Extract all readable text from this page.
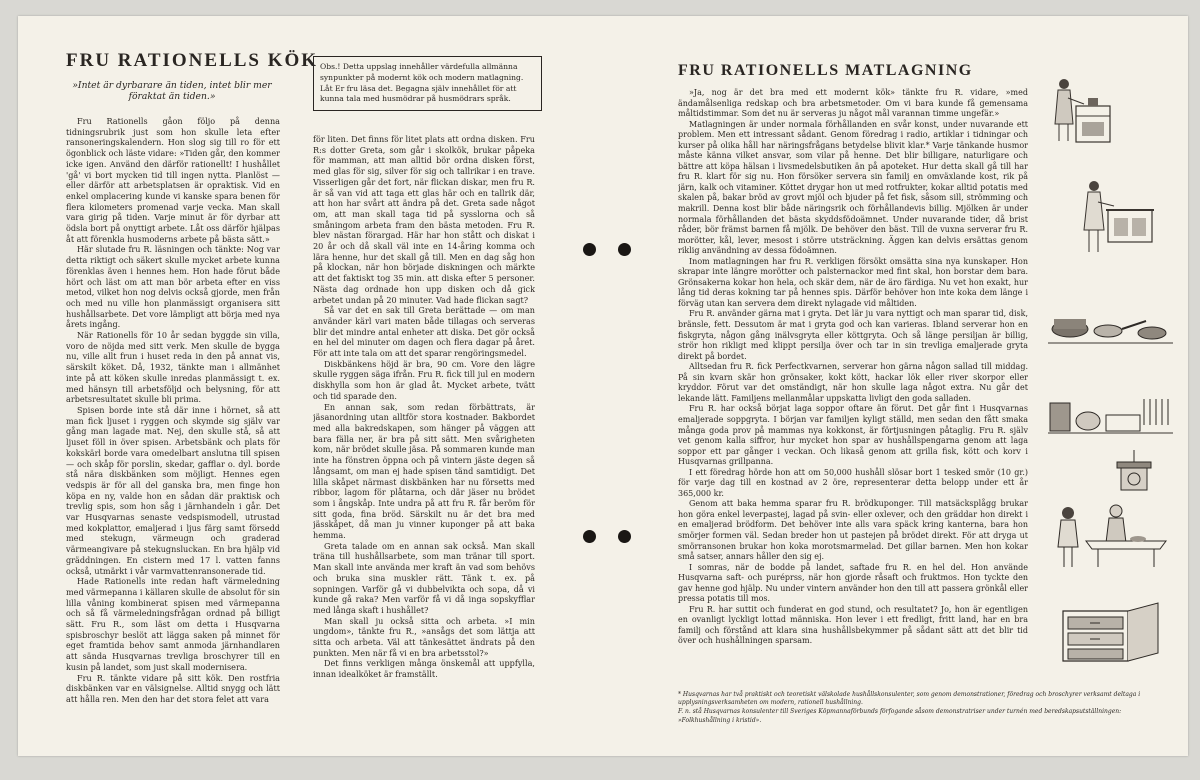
FRU RATIONELLS KÖK

»Intet är dyrbarare än tiden, intet blir mer föraktat än tiden.»

Fru Rationells gåon följo på denna tidningsrubrik just som hon skulle leta efter ransoneringskalendern. Hon slog sig till ro för ett ögonblick och läste vidare: »Tiden går, den kommer icke igen. Använd den därför rationellt! I hushållet 'gå' vi bort mycken tid till ingen nytta. Planlöst — eller därför att arbetsplatsen är opraktisk. Vid en enkel omplacering kunde vi kanske spara benen för flera kilometers promenad varje vecka. Man skall vara girig på tiden. Varje minut är för dyrbar att ödsla bort på onyttigt arbete. Låt oss därför hjälpas åt att förenkla husmoderns arbete på bästa sätt.»

Här slutade fru R. läsningen och tänkte: Nog var detta riktigt och säkert skulle mycket arbete kunna förenklas även i hennes hem. Hon hade förut både hört och läst om att man bör arbeta efter en viss metod, vilket hon nog delvis också gjorde, men från och med nu ville hon planmässigt organisera sitt hushållsarbete. Det vore lämpligt att börja med nya årets ingång.

När Rationells för 10 år sedan byggde sin villa, voro de nöjda med sitt verk. Men skulle de bygga nu, ville allt frun i huset reda in den på annat vis, särskilt köket. Då, 1932, tänkte man i allmänhet inte på att köken skulle inredas planmässigt t. ex. med hänsyn till arbetsföljd och belysning, för att arbetsresultatet skulle bli prima.

Spisen borde inte stå där inne i hörnet, så att man fick ljuset i ryggen och skymde sig själv var gång man lagade mat. Nej, den skulle stå, så att ljuset föll in över spisen. Arbetsbänk och plats för kokskärl borde vara omedelbart anslutna till spisen — och skåp för porslin, skedar, gafflar o. dyl. borde stå nära diskbänken som möjligt. Hennes egen vedspis är för all del ganska bra, men finge hon köpa en ny, valde hon en sådan där praktisk och trevlig spis, som hon såg i järnhandeln i går. Det var Husqvarnas senaste vedspismodell, utrustad med kokplattor, emaljerad i ljus färg samt försedd med stekugn, värmeugn och graderad värmeangivare på stekugnsluckan. En bra hjälp vid gräddningen. En cistern med 17 l. vatten fanns också, utmärkt i vår varmvattenransonerade tid.

Hade Rationells inte redan haft värmeledning med värmepanna i källaren skulle de absolut för sin lilla våning kombinerat spisen med värmepanna och så få värmeledningsfrågan ordnad på billigt sätt. Fru R., som läst om detta i Husqvarna spisbroschyr beslöt att lägga saken på minnet för eget framtida behov samt anmoda järnhandlaren att sända Husqvarnas trevliga broschyrer till en kusin på landet, som just skall modernisera.

Fru R. tänkte vidare på sitt kök. Den rostfria diskbänken var en välsignelse. Alltid snygg och lätt att hålla ren. Men den har det stora felet att vara

Obs.! Detta uppslag innehåller värdefulla allmänna synpunkter på modernt kök och modern matlagning. Låt Er fru läsa det. Begagna själv innehållet för att kunna tala med husmödrar på husmödrars språk.

för liten. Det finns för litet plats att ordna disken. Fru R:s dotter Greta, som går i skolkök, brukar påpeka för mamman, att man alltid bör ordna disken först, med glas för sig, silver för sig och tallrikar i en trave. Visserligen går det fort, när flickan diskar, men fru R. är så van vid att taga ett glas här och en tallrik där, att hon har svårt att ändra på det. Greta sade något om, att man skall taga tid på sysslorna och så småningom arbeta fram den bästa metoden. Fru R. blev nästan förargad. Här har hon stått och diskat i 20 år och då skall väl inte en 14-åring komma och lära henne, hur det skall gå till. Men en dag såg hon på klockan, när hon började diskningen och märkte att det faktiskt tog 35 min. att diska efter 5 personer. Nästa dag ordnade hon upp disken och då gick arbetet undan på 20 minuter. Vad hade flickan sagt?

Så var det en sak till Greta berättade — om man använder kärl vari maten både tillagas och serveras blir det mindre antal enheter att diska. Det gör också en hel del minuter om dagen och flera dagar på året. För att inte tala om att det sparar rengöringsmedel.

Diskbänkens höjd är bra, 90 cm. Vore den lägre skulle ryggen säga ifrån. Fru R. fick till jul en modern diskhylla som hon är glad åt. Mycket arbete, tvätt och tid sparade den.

En annan sak, som redan förbättrats, är jäsanordning utan alltför stora kostnader. Bakbordet med alla bakredskapen, som hänger på väggen att bara fälla ner, är bra på sitt sätt. Men svårigheten kom, när brödet skulle jäsa. På sommaren kunde man inte ha fönstren öppna och på vintern jäste degen så långsamt, om man ej hade spisen tänd samtidigt. Det lilla skåpet närmast diskbänken har nu försetts med ribbor, lagom för plåtarna, och där jäser nu brödet som i ångskåp. Inte undra på att fru R. får beröm för sitt goda, fina bröd. Särskilt nu är det bra med jässkåpet, då man ju vinner kuponger på att baka hemma.

Greta talade om en annan sak också. Man skall träna till hushållsarbete, som man tränar till sport. Man skall inte använda mer kraft än vad som behövs och bruka sina muskler rätt. Tänk t. ex. på sopningen. Varför gå vi dubbelvikta och sopa, då vi kunde gå raka? Men varför få vi då inga sopskyfflar med långa skaft i hushållet?

Man skall ju också sitta och arbeta. »I min ungdom», tänkte fru R., »ansågs det som lättja att sitta och arbeta. Väl att tänkesättet ändrats på den punkten. Men när få vi en bra arbetsstol?»

Det finns verkligen många önskemål att uppfylla, innan idealköket är framställt.

FRU RATIONELLS MATLAGNING

»Ja, nog är det bra med ett modernt kök» tänkte fru R. vidare, »med ändamålsenliga redskap och bra arbetsmetoder. Om vi bara kunde få gemensama måltidstimmar. Som det nu är serveras ju något mål varannan timme ungefär.»

Matlagningen är under normala förhållanden en svår konst, under nuvarande ett problem. Men ett intressant sådant. Genom föredrag i radio, artiklar i tidningar och kurser på olika håll har näringsfrågans betydelse blivit klar.* Varje tänkande husmor måste känna vilket ansvar, som vilar på henne. Det blir billigare, naturligare och bättre att köpa hälsan i livsmedelsbutiken än på apoteket. Hur detta skall gå till har fru R. klart för sig nu. Hon försöker servera sin familj en omväxlande kost, rik på järn, kalk och vitaminer. Köttet drygar hon ut med rotfrukter, kokar alltid potatis med skalen på, bakar bröd av grovt mjöl och bjuder på fet fisk, såsom sill, strömming och makrill. Denna kost blir både näringsrik och förhållandevis billig. Mjölken är under normala förhållanden det bästa skyddsfödoämnet. Under nuvarande tider, då brist råder, bör främst barnen få mjölk. De behöver den bäst. Till de vuxna serverar fru R. morötter, kål, lever, mesost i större utsträckning. Äggen kan delvis ersättas genom riklig användning av dessa födoämnen.

Inom matlagningen har fru R. verkligen försökt omsätta sina nya kunskaper. Hon skrapar inte längre morötter och palsternackor med fint skal, hon borstar dem bara. Grönsakerna kokar hon hela, och skär dem, när de äro färdiga. Nu vet hon exakt, hur lång tid deras kokning tar på hennes spis. Därför behöver hon inte koka dem länge i förväg utan kan servera dem direkt nylagade vid måltiden.

Fru R. använder gärna mat i gryta. Det lär ju vara nyttigt och man sparar tid, disk, bränsle, fett. Dessutom är mat i gryta god och kan varieras. Ibland serverar hon en fiskgryta, någon gång inälvsgryta eller köttgryta. Och så länge persiljan är billig, strör hon rikligt med klippt persilja över och tar in sin trevliga emaljerade gryta direkt på bordet.

Alltsedan fru R. fick Perfectkvarnen, serverar hon gärna någon sallad till middag. På sin kvarn skär hon grönsaker, kokt kött, hackar lök eller river skorpor eller kryddor. Förut var det omständigt, när hon skulle laga något extra. Nu går det lekande lätt. Familjens mellanmålar uppskatta livligt den goda salladen.

Fru R. har också börjat laga soppor oftare än förut. Det går fint i Husqvarnas emaljerade soppgryta. I början var familjen kyligt ställd, men sedan den fått smaka många goda prov på mammas nya kokkonst, är förtjusningen påtaglig. Fru R. själv vet genom kalla siffror, hur mycket hon spar av hushållspengarna genom att laga soppor ett par gånger i veckan. Och likaså genom att grilla fisk, kött och korv i Husqvarnas grillpanna.

I ett föredrag hörde hon att om 50,000 hushåll slösar bort 1 tesked smör (10 gr.) för varje dag till en kostnad av 2 öre, representerar detta belopp under ett år 365,000 kr.

Genom att baka hemma sparar fru R. brödkuponger. Till matsäcksplågg brukar hon göra enkel leverpastej, lagad på svin- eller oxlever, och den gräddar hon direkt i en emaljerad brödform. Det behöver inte alls vara späck kring kanterna, bara hon smörjer formen väl. Sedan breder hon ut pastejen på brödet direkt. För att dryga ut smörransonen brukar hon koka morotsmarmelad. Det gillar barnen. Men hon kokar små satser, annars håller den sig ej.

I somras, när de bodde på landet, saftade fru R. en hel del. Hon använde Husqvarna saft- och puréprss, när hon gjorde råsaft och fruktmos. Hon tyckte den gav henne god hjälp. Nu under vintern använder hon den till att passera grönkål eller pressa potatis till mos.

Fru R. har suttit och funderat en god stund, och resultatet? Jo, hon är egentligen en ovanligt lyckligt lottad människa. Hon lever i ett fredligt, fritt land, har en bra familj och förstånd att klara sina hushållsbekymmer på sådant sätt att det blir tid över och hushållningen sparsam.

* Husqvarnas har två praktiskt och teoretiskt välskolade hushållskonsulenter, som genom demonstrationer, föredrag och broschyrer verksamt deltaga i upplysningsverksamheten om modern, rationell hushållning.

F. n. stå Husqvarnas konsulenter till Sveriges Köpmannaförbunds förfogande såsom demonstratriser under turnén med beredskapsutställningen: »Folkhushållning i kristid».
